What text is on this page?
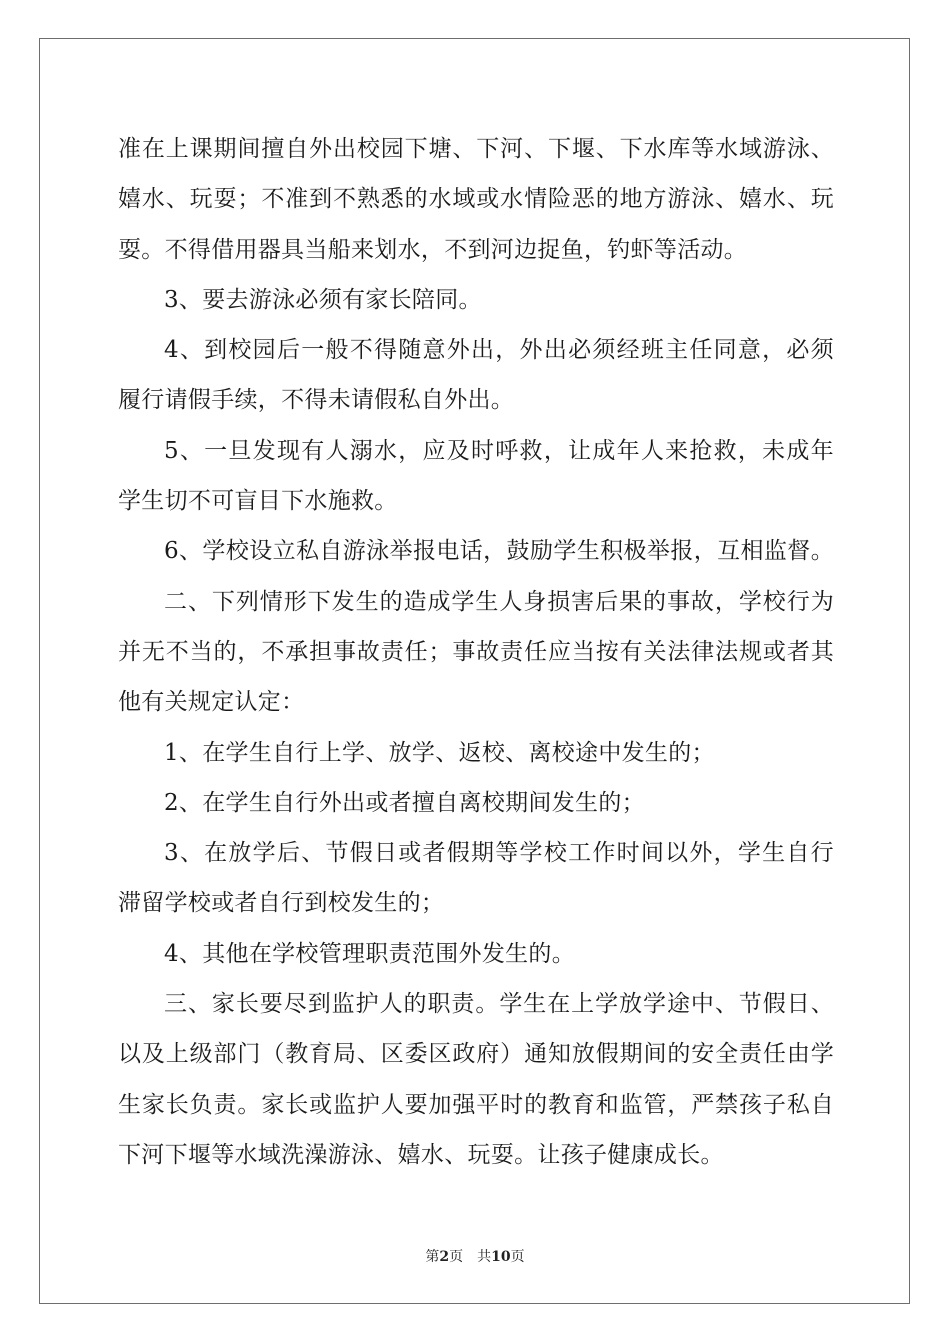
准在上课期间擅自外出校园下塘、下河、下堰、下水库等水域游泳、
嬉水、玩耍；不准到不熟悉的水域或水情险恶的地方游泳、嬉水、玩
耍。不得借用器具当船来划水，不到河边捉鱼，钓虾等活动。
3、要去游泳必须有家长陪同。
4、到校园后一般不得随意外出，外出必须经班主任同意，必须
履行请假手续，不得未请假私自外出。
5、一旦发现有人溺水，应及时呼救，让成年人来抢救，未成年
学生切不可盲目下水施救。
6、学校设立私自游泳举报电话，鼓励学生积极举报，互相监督。
二、下列情形下发生的造成学生人身损害后果的事故，学校行为
并无不当的，不承担事故责任；事故责任应当按有关法律法规或者其
他有关规定认定：
1、在学生自行上学、放学、返校、离校途中发生的；
2、在学生自行外出或者擅自离校期间发生的；
3、在放学后、节假日或者假期等学校工作时间以外，学生自行
滞留学校或者自行到校发生的；
4、其他在学校管理职责范围外发生的。
三、家长要尽到监护人的职责。学生在上学放学途中、节假日、
以及上级部门（教育局、区委区政府）通知放假期间的安全责任由学
生家长负责。家长或监护人要加强平时的教育和监管，严禁孩子私自
下河下堰等水域洗澡游泳、嬉水、玩耍。让孩子健康成长。
第2页 共10页
